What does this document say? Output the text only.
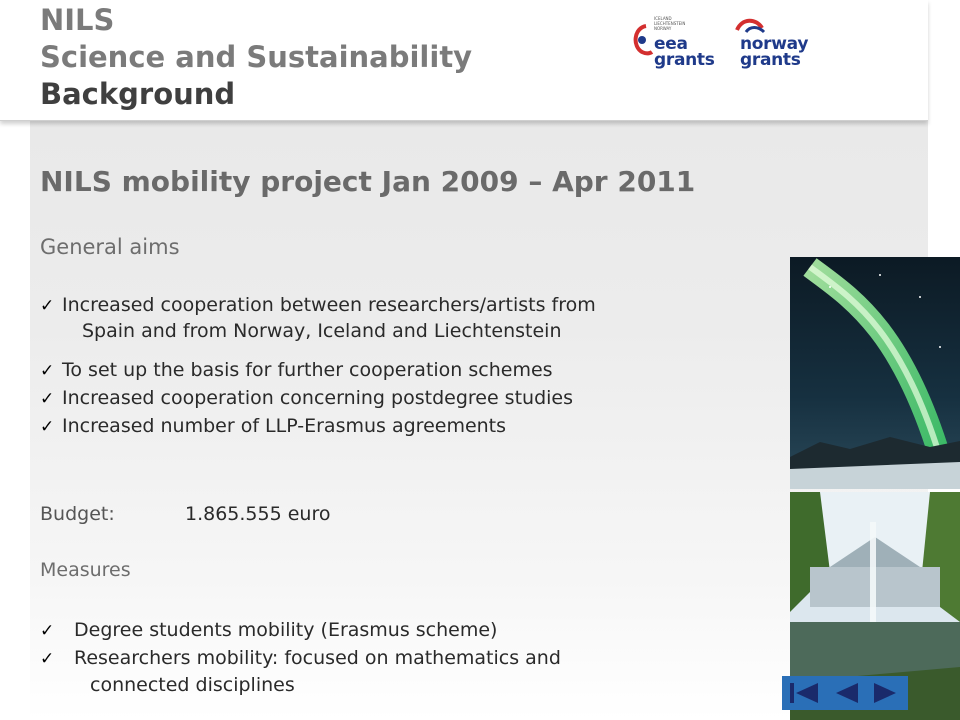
NILS
Science and Sustainability
Background
ICELAND
LIECHTENSTEIN
NORWAY
eea
grants
norway
grants
NILS mobility project Jan 2009 – Apr 2011
General aims
✓ Increased cooperation between researchers/artists from
Spain and from Norway, Iceland and Liechtenstein
✓ To set up the basis for further cooperation schemes
✓ Increased cooperation concerning postdegree studies
✓ Increased number of LLP-Erasmus agreements
Budget:	1.865.555 euro
Measures
✓ Degree students mobility (Erasmus scheme)
✓ Researchers mobility: focused on mathematics and
connected disciplines
